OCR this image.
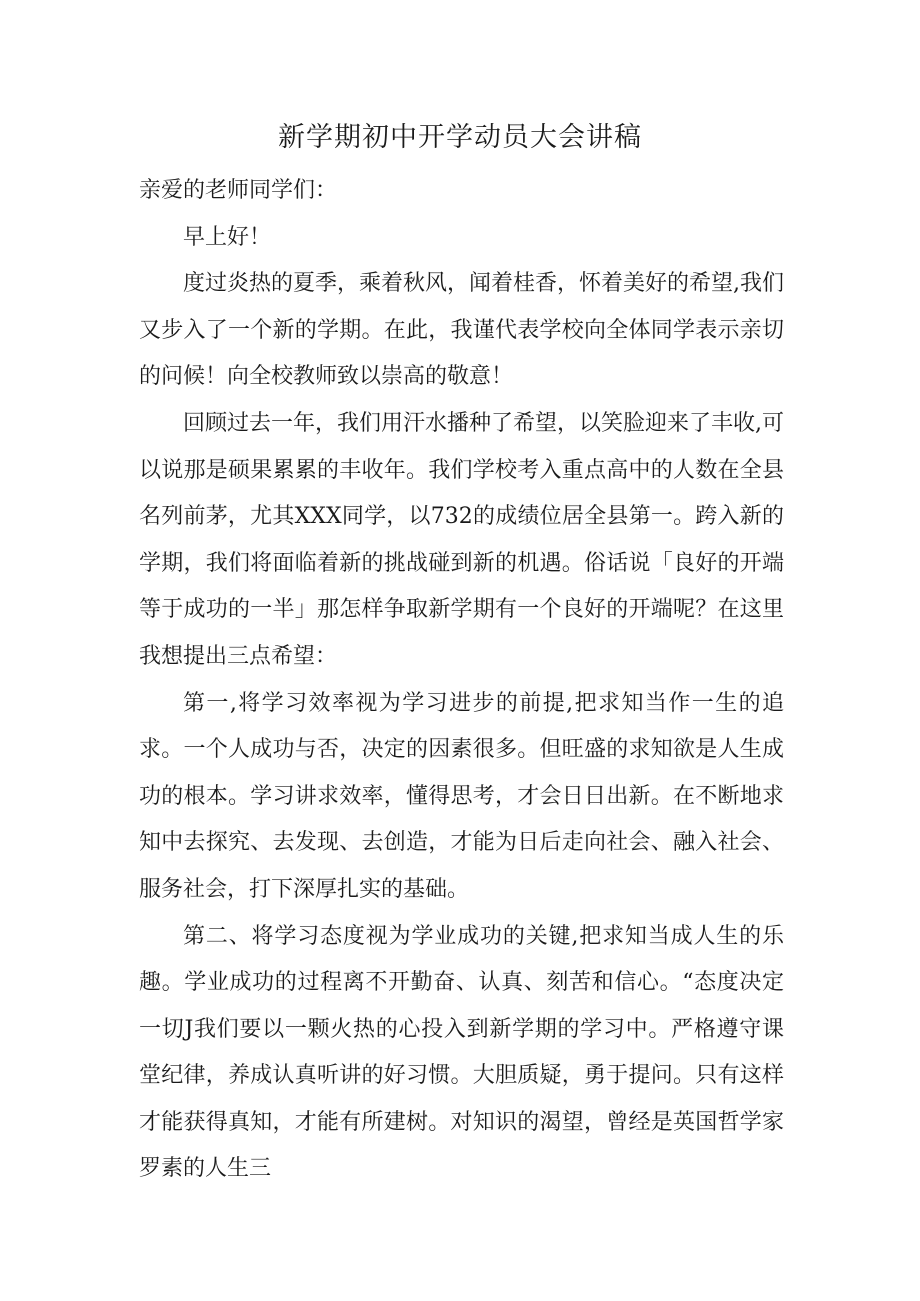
新学期初中开学动员大会讲稿

亲爱的老师同学们：

早上好！

度过炎热的夏季，乘着秋风，闻着桂香，怀着美好的希望,我们又步入了一个新的学期。在此，我谨代表学校向全体同学表示亲切的问候！向全校教师致以崇高的敬意！

回顾过去一年，我们用汗水播种了希望，以笑脸迎来了丰收,可以说那是硕果累累的丰收年。我们学校考入重点高中的人数在全县名列前茅，尤其XXX同学，以732的成绩位居全县第一。跨入新的学期，我们将面临着新的挑战碰到新的机遇。俗话说「良好的开端等于成功的一半」那怎样争取新学期有一个良好的开端呢？在这里我想提出三点希望：

第一,将学习效率视为学习进步的前提,把求知当作一生的追求。一个人成功与否，决定的因素很多。但旺盛的求知欲是人生成功的根本。学习讲求效率，懂得思考，才会日日出新。在不断地求知中去探究、去发现、去创造，才能为日后走向社会、融入社会、服务社会，打下深厚扎实的基础。

第二、将学习态度视为学业成功的关键,把求知当成人生的乐趣。学业成功的过程离不开勤奋、认真、刻苦和信心。“态度决定一切J我们要以一颗火热的心投入到新学期的学习中。严格遵守课堂纪律，养成认真听讲的好习惯。大胆质疑，勇于提问。只有这样才能获得真知，才能有所建树。对知识的渴望，曾经是英国哲学家罗素的人生三
